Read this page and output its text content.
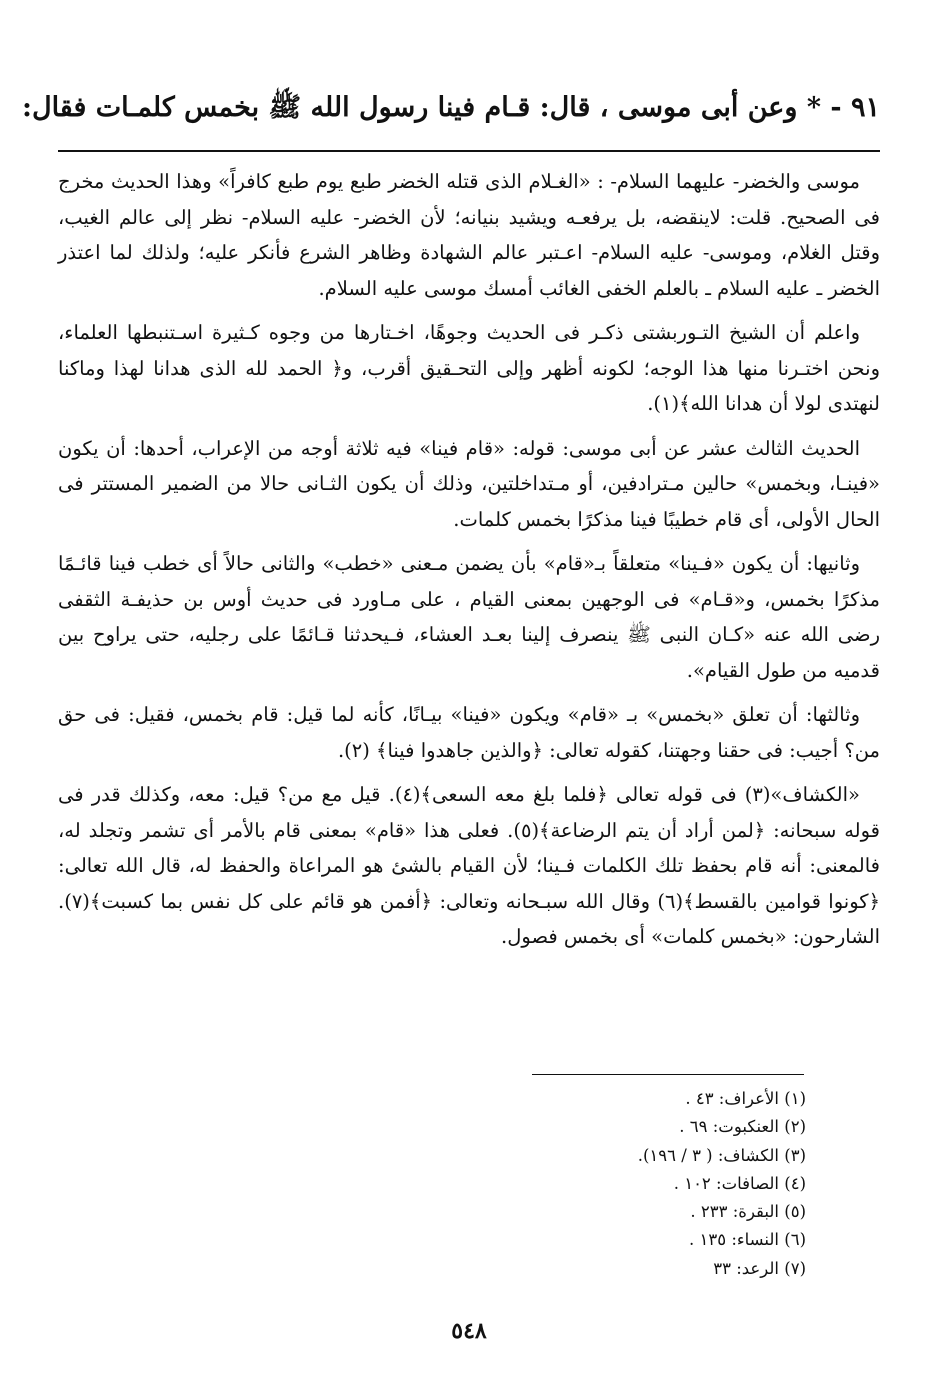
٩١ - * وعن أبى موسى ، قال: قـام فينا رسول الله ﷺ بخمس كلمـات فقال:

موسى والخضر- عليهما السلام- : «الغـلام الذى قتله الخضر طبع يوم طبع كافراً» وهذا الحديث مخرج فى الصحيح. قلت: لاينقضه، بل يرفعـه ويشيد بنيانه؛ لأن الخضر- عليه السلام- نظر إلى عالم الغيب، وقتل الغلام، وموسى- عليه السلام- اعـتبر عالم الشهادة وظاهر الشرع فأنكر عليه؛ ولذلك لما اعتذر الخضر ـ عليه السلام ـ بالعلم الخفى الغائب أمسك موسى عليه السلام.

واعلم أن الشيخ التـوربشتى ذكـر فى الحديث وجوهًا، اخـتارها من وجوه كـثيرة اسـتنبطها العلماء، ونحن اختـرنا منها هذا الوجه؛ لكونه أظهر وإلى التحـقيق أقرب، و﴿ الحمد لله الذى هدانا لهذا وماكنا لنهتدى لولا أن هدانا الله﴾(١).

الحديث الثالث عشر عن أبى موسى: قوله: «قام فينا» فيه ثلاثة أوجه من الإعراب، أحدها: أن يكون «فينـا، وبخمس» حالين مـترادفين، أو مـتداخلتين، وذلك أن يكون الثـانى حالا من الضمير المستتر فى الحال الأولى، أى قام خطيبًا فينا مذكرًا بخمس كلمات.

وثانيها: أن يكون «فـينا» متعلقاً بـ«قام» بأن يضمن مـعنى «خطب» والثانى حالاً أى خطب فينا قائـمًا مذكرًا بخمس، و«قـام» فى الوجهين بمعنى القيام ، على مـاورد فى حديث أوس بن حذيفـة الثقفى رضى الله عنه «كـان النبى ﷺ ينصرف إلينا بعـد العشاء، فـيحدثنا قـائمًا على رجليه، حتى يراوح بين قدميه من طول القيام».

وثالثها: أن تعلق «بخمس» بـ «قام» ويكون «فينا» بيـانًا، كأنه لما قيل: قام بخمس، فقيل: فى حق من؟ أجيب: فى حقنا وجهتنا، كقوله تعالى: ﴿والذين جاهدوا فينا﴾ (٢).

«الكشاف»(٣) فى قوله تعالى ﴿فلما بلغ معه السعى﴾(٤). قيل مع من؟ قيل: معه، وكذلك قدر فى قوله سبحانه: ﴿لمن أراد أن يتم الرضاعة﴾(٥). فعلى هذا «قام» بمعنى قام بالأمر أى تشمر وتجلد له، فالمعنى: أنه قام بحفظ تلك الكلمات فـينا؛ لأن القيام بالشئ هو المراعاة والحفظ له، قال الله تعالى: ﴿كونوا قوامين بالقسط﴾(٦) وقال الله سبـحانه وتعالى: ﴿أفمن هو قائم على كل نفس بما كسبت﴾(٧). الشارحون: «بخمس كلمات» أى بخمس فصول.

(١) الأعراف: ٤٣ .
(٢) العنكبوت: ٦٩ .
(٣) الكشاف: ( ٣ / ١٩٦).
(٤) الصافات: ١٠٢ .
(٥) البقرة: ٢٣٣ .
(٦) النساء: ١٣٥ .
(٧) الرعد: ٣٣
٥٤٨
